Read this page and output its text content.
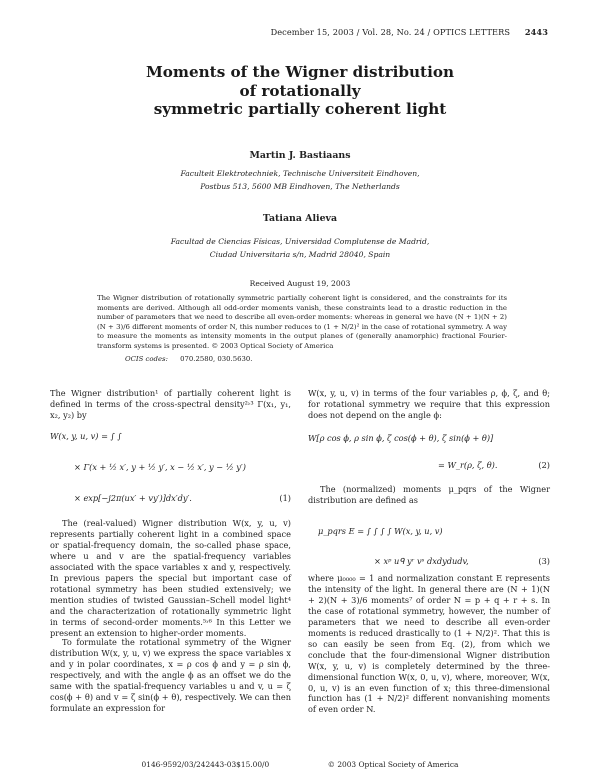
December 15, 2003 / Vol. 28, No. 24 / OPTICS LETTERS 2443
Moments of the Wigner distribution
of rotationally
symmetric partially coherent light
Martin J. Bastiaans
Faculteit Elektrotechniek, Technische Universiteit Eindhoven,
Postbus 513, 5600 MB Eindhoven, The Netherlands
Tatiana Alieva
Facultad de Ciencias Físicas, Universidad Complutense de Madrid,
Ciudad Universitaria s/n, Madrid 28040, Spain
Received August 19, 2003
The Wigner distribution of rotationally symmetric partially coherent light is considered, and the constraints for its moments are derived. Although all odd-order moments vanish, these constraints lead to a drastic reduction in the number of parameters that we need to describe all even-order moments: whereas in general we have (N + 1)(N + 2)(N + 3)/6 different moments of order N, this number reduces to (1 + N/2)² in the case of rotational symmetry. A way to measure the moments as intensity moments in the output planes of (generally anamorphic) fractional Fourier-transform systems is presented. © 2003 Optical Society of America
OCIS codes: 070.2580, 030.5630.
The Wigner distribution¹ of partially coherent light is defined in terms of the cross-spectral density²˒³ Γ(x₁, y₁, x₂, y₂) by
W(x, y, u, v) = ∫ ∫
× Γ(x + ½ x′, y + ½ y′, x − ½ x′, y − ½ y′)
× exp[−j2π(ux′ + vy′)]dx′dy′.	(1)
The (real-valued) Wigner distribution W(x, y, u, v) represents partially coherent light in a combined space or spatial-frequency domain, the so-called phase space, where u and v are the spatial-frequency variables associated with the space variables x and y, respectively. In previous papers the special but important case of rotational symmetry has been studied extensively; we mention studies of twisted Gaussian–Schell model light⁴ and the characterization of rotationally symmetric light in terms of second-order moments.⁵˒⁶ In this Letter we present an extension to higher-order moments.
To formulate the rotational symmetry of the Wigner distribution W(x, y, u, v) we express the space variables x and y in polar coordinates, x = ρ cos ϕ and y = ρ sin ϕ, respectively, and with the angle ϕ as an offset we do the same with the spatial-frequency variables u and v, u = ζ cos(ϕ + θ) and v = ζ sin(ϕ + θ), respectively. We can then formulate an expression for
W(x, y, u, v) in terms of the four variables ρ, ϕ, ζ, and θ; for rotational symmetry we require that this expression does not depend on the angle ϕ:
W[ρ cos ϕ, ρ sin ϕ, ζ cos(ϕ + θ), ζ sin(ϕ + θ)]
= W_r(ρ, ζ, θ).	(2)
The (normalized) moments μ_pqrs of the Wigner distribution are defined as
μ_pqrs E = ∫ ∫ ∫ ∫ W(x, y, u, v)
× xᵖ uᑫ yʳ vˢ dxdydudv,	(3)
where μ₀₀₀₀ = 1 and normalization constant E represents the intensity of the light. In general there are (N + 1)(N + 2)(N + 3)/6 moments⁷ of order N = p + q + r + s. In the case of rotational symmetry, however, the number of parameters that we need to describe all even-order moments is reduced drastically to (1 + N/2)². That this is so can easily be seen from Eq. (2), from which we conclude that the four-dimensional Wigner distribution W(x, y, u, v) is completely determined by the three-dimensional function W(x, 0, u, v), where, moreover, W(x, 0, u, v) is an even function of x; this three-dimensional function has (1 + N/2)² different nonvanishing moments of even order N.
0146-9592/03/242443-03$15.00/0	© 2003 Optical Society of America
